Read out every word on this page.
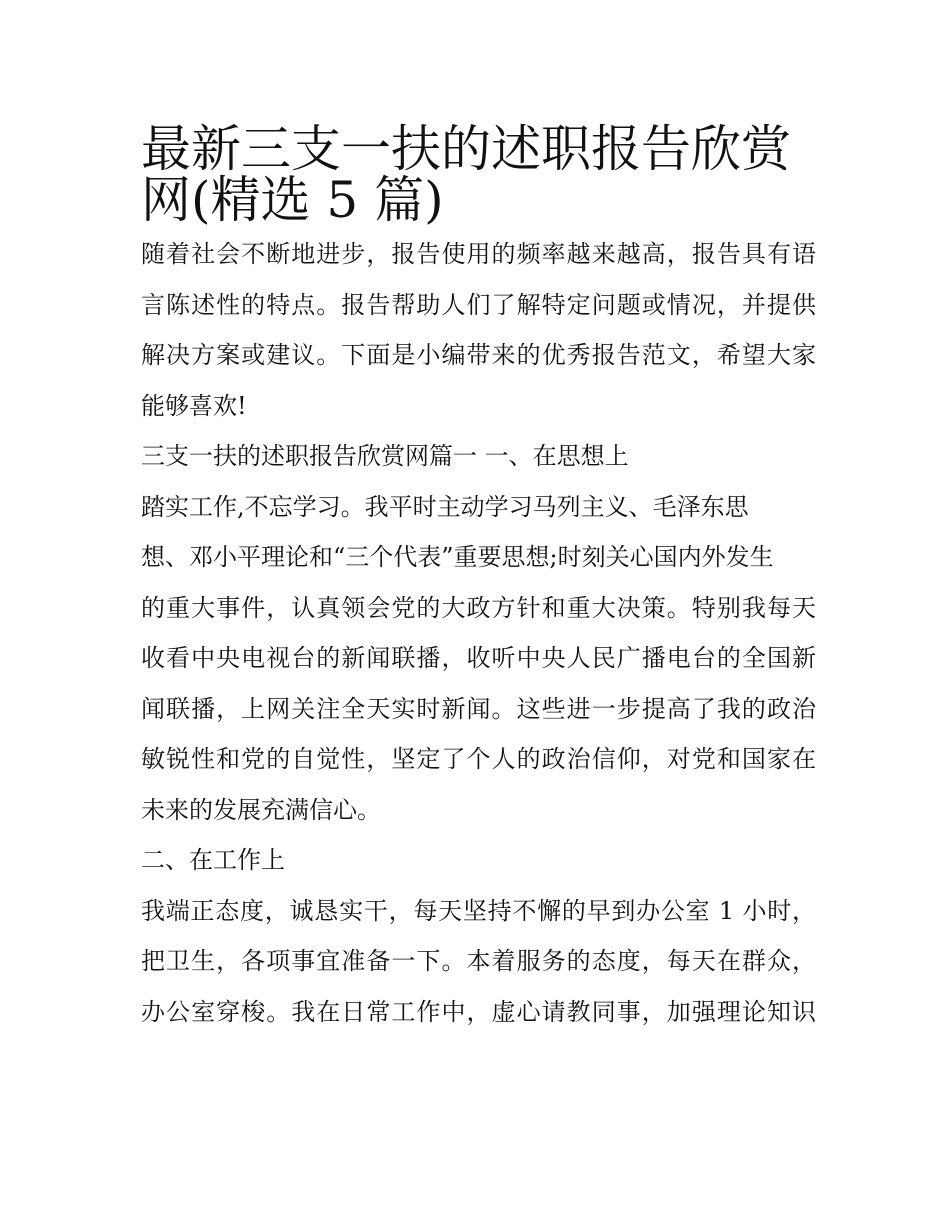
最新三支一扶的述职报告欣赏
网(精选 5 篇)
随着社会不断地进步，报告使用的频率越来越高，报告具有语
言陈述性的特点。报告帮助人们了解特定问题或情况，并提供
解决方案或建议。下面是小编带来的优秀报告范文，希望大家
能够喜欢!
三支一扶的述职报告欣赏网篇一 一、在思想上
踏实工作,不忘学习。我平时主动学习马列主义、毛泽东思
想、邓小平理论和“三个代表”重要思想;时刻关心国内外发生
的重大事件，认真领会党的大政方针和重大决策。特别我每天
收看中央电视台的新闻联播，收听中央人民广播电台的全国新
闻联播，上网关注全天实时新闻。这些进一步提高了我的政治
敏锐性和党的自觉性，坚定了个人的政治信仰，对党和国家在
未来的发展充满信心。
二、在工作上
我端正态度，诚恳实干，每天坚持不懈的早到办公室 1 小时，
把卫生，各项事宜准备一下。本着服务的态度，每天在群众，
办公室穿梭。我在日常工作中，虚心请教同事，加强理论知识
